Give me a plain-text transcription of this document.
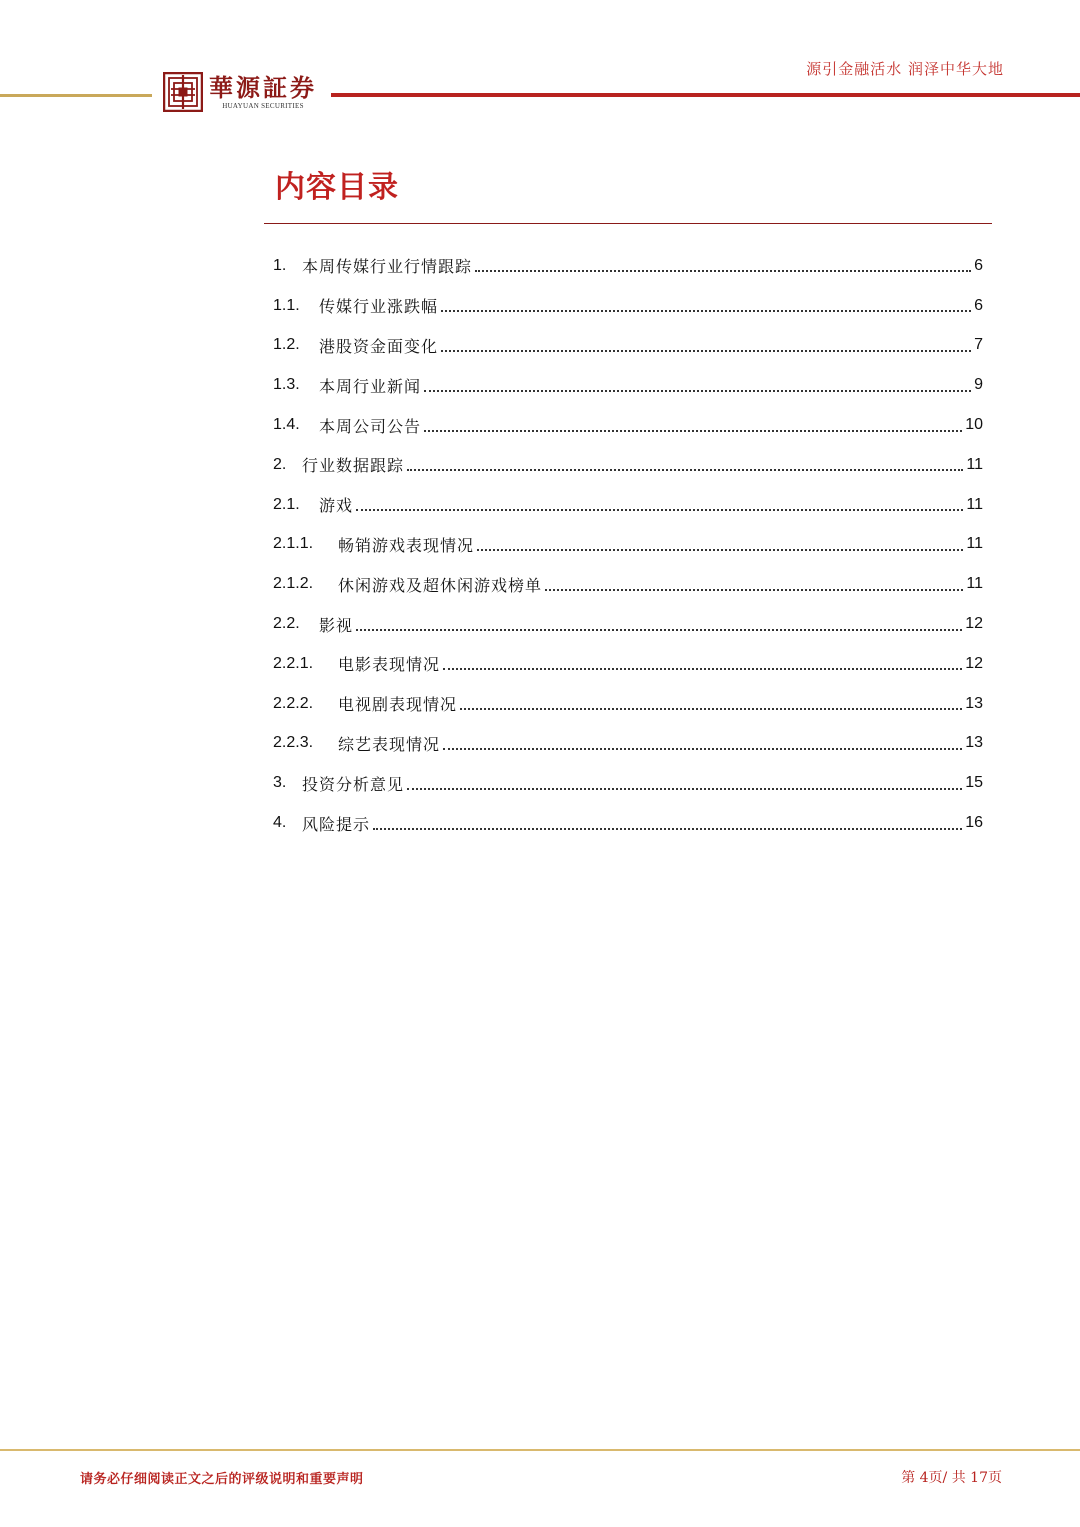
源引金融活水 润泽中华大地
華源証券
HUAYUAN SECURITIES
内容目录
1. 本周传媒行业行情跟踪	6
1.1.	传媒行业涨跌幅	6
1.2.	港股资金面变化	7
1.3.	本周行业新闻	9
1.4.	本周公司公告	10
2. 行业数据跟踪	11
2.1.	游戏	11
2.1.1.	畅销游戏表现情况	11
2.1.2.	休闲游戏及超休闲游戏榜单	11
2.2.	影视	12
2.2.1.	电影表现情况	12
2.2.2.	电视剧表现情况	13
2.2.3.	综艺表现情况	13
3. 投资分析意见	15
4. 风险提示	16
请务必仔细阅读正文之后的评级说明和重要声明	第 4页/ 共 17页
